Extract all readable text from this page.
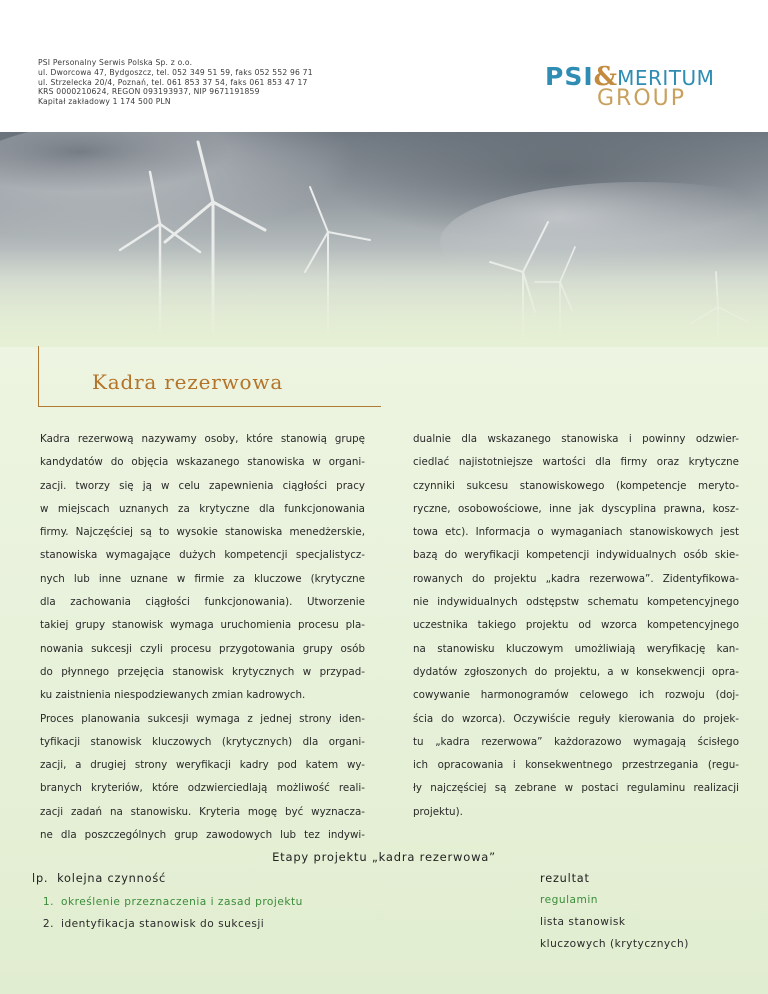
PSI Personalny Serwis Polska Sp. z o.o.
ul. Dworcowa 47, Bydgoszcz, tel. 052 349 51 59, faks 052 552 96 71
ul. Strzelecka 20/4, Poznań, tel. 061 853 37 54, faks 061 853 47 17
KRS 0000210624, REGON 093193937, NIP 9671191859
Kapitał zakładowy 1 174 500 PLN
PSI&MERITUM
GROUP
Kadra rezerwowa
Kadra rezerwową nazywamy osoby, które stanowią grupę
kandydatów do objęcia wskazanego stanowiska w organi-
zacji. tworzy się ją w celu zapewnienia ciągłości pracy
w miejscach uznanych za krytyczne dla funkcjonowania
firmy. Najczęściej są to wysokie stanowiska menedżerskie,
stanowiska wymagające dużych kompetencji specjalistycz-
nych lub inne uznane w firmie za kluczowe (krytyczne
dla zachowania ciągłości funkcjonowania). Utworzenie
takiej grupy stanowisk wymaga uruchomienia procesu pla-
nowania sukcesji czyli procesu przygotowania grupy osób
do płynnego przejęcia stanowisk krytycznych w przypad-
ku zaistnienia niespodziewanych zmian kadrowych.
Proces planowania sukcesji wymaga z jednej strony iden-
tyfikacji stanowisk kluczowych (krytycznych) dla organi-
zacji, a drugiej strony weryfikacji kadry pod katem wy-
branych kryteriów, które odzwierciedlają możliwość reali-
zacji zadań na stanowisku. Kryteria mogę być wyznacza-
ne dla poszczególnych grup zawodowych lub tez indywi-
dualnie dla wskazanego stanowiska i powinny odzwier-
ciedlać najistotniejsze wartości dla firmy oraz krytyczne
czynniki sukcesu stanowiskowego (kompetencje meryto-
ryczne, osobowościowe, inne jak dyscyplina prawna, kosz-
towa etc). Informacja o wymaganiach stanowiskowych jest
bazą do weryfikacji kompetencji indywidualnych osób skie-
rowanych do projektu „kadra rezerwowa”. Zidentyfikowa-
nie indywidualnych odstępstw schematu kompetencyjnego
uczestnika takiego projektu od wzorca kompetencyjnego
na stanowisku kluczowym umożliwiają weryfikację kan-
dydatów zgłoszonych do projektu, a w konsekwencji opra-
cowywanie harmonogramów celowego ich rozwoju (doj-
ścia do wzorca). Oczywiście reguły kierowania do projek-
tu „kadra rezerwowa” każdorazowo wymagają ścisłego
ich opracowania i konsekwentnego przestrzegania (regu-
ły najczęściej są zebrane w postaci regulaminu realizacji
projektu).
Etapy projektu „kadra rezerwowa”
lp. kolejna czynność	rezultat
1. określenie przeznaczenia i zasad projektu	regulamin
2. identyfikacja stanowisk do sukcesji	lista stanowisk
kluczowych (krytycznych)
